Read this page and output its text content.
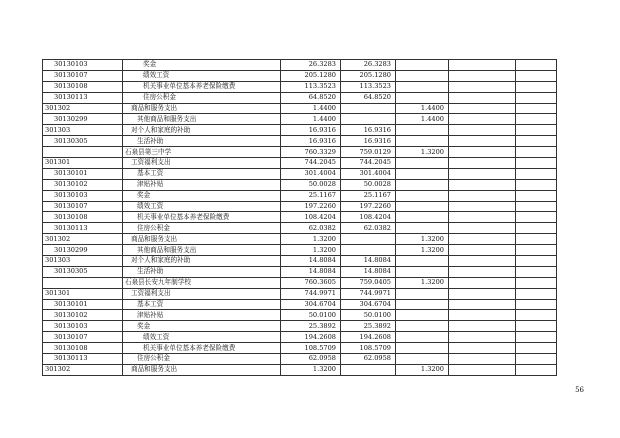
30130103	奖金	26.3283	26.3283			
30130107	绩效工资	205.1280	205.1280			
30130108	机关事业单位基本养老保险缴费	113.3523	113.3523			
30130113	住房公积金	64.8520	64.8520			
301302	商品和服务支出	1.4400		1.4400		
30130299	其他商品和服务支出	1.4400		1.4400		
301303	对个人和家庭的补助	16.9316	16.9316			
30130305	生活补助	16.9316	16.9316			
	石泉县第三中学	760.3329	759.0129	1.3200		
301301	工资福利支出	744.2045	744.2045			
30130101	基本工资	301.4004	301.4004			
30130102	津贴补贴	50.0028	50.0028			
30130103	奖金	25.1167	25.1167			
30130107	绩效工资	197.2260	197.2260			
30130108	机关事业单位基本养老保险缴费	108.4204	108.4204			
30130113	住房公积金	62.0382	62.0382			
301302	商品和服务支出	1.3200		1.3200		
30130299	其他商品和服务支出	1.3200		1.3200		
301303	对个人和家庭的补助	14.8084	14.8084			
30130305	生活补助	14.8084	14.8084			
	石泉县长安九年制学校	760.3605	759.0405	1.3200		
301301	工资福利支出	744.9971	744.9971			
30130101	基本工资	304.6704	304.6704			
30130102	津贴补贴	50.0100	50.0100			
30130103	奖金	25.3892	25.3892			
30130107	绩效工资	194.2608	194.2608			
30130108	机关事业单位基本养老保险缴费	108.5709	108.5709			
30130113	住房公积金	62.0958	62.0958			
301302	商品和服务支出	1.3200		1.3200		
56
